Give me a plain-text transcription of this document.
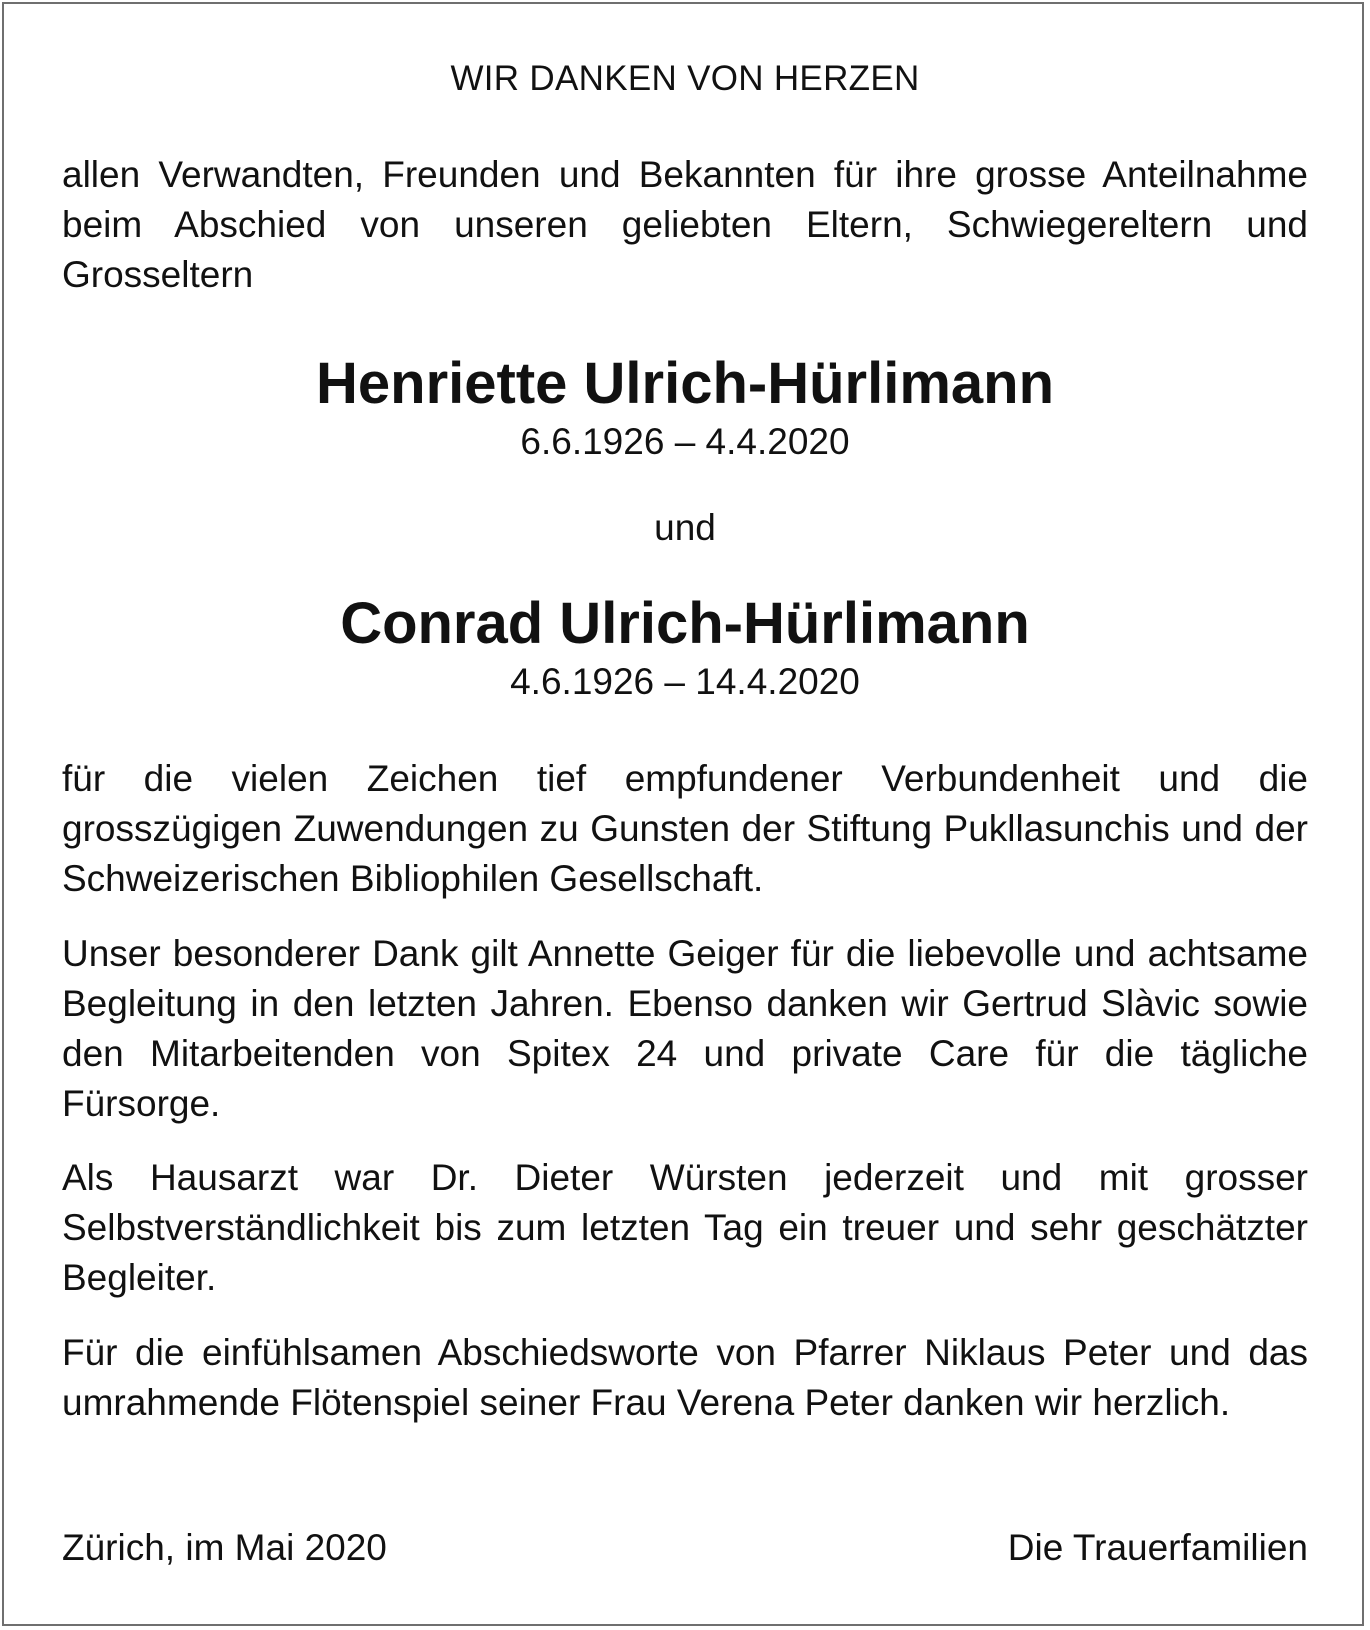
WIR DANKEN VON HERZEN

allen Verwandten, Freunden und Bekannten für ihre grosse Anteilnahme beim Abschied von unseren geliebten Eltern, Schwiegereltern und Grosseltern

Henriette Ulrich-Hürlimann
6.6.1926 – 4.4.2020
und
Conrad Ulrich-Hürlimann
4.6.1926 – 14.4.2020

für die vielen Zeichen tief empfundener Verbundenheit und die grosszügigen Zuwendungen zu Gunsten der Stiftung Pukllasunchis und der Schweizerischen Bibliophilen Gesellschaft.

Unser besonderer Dank gilt Annette Geiger für die liebevolle und achtsame Begleitung in den letzten Jahren. Ebenso danken wir Gertrud Slàvic sowie den Mitarbeitenden von Spitex 24 und private Care für die tägliche Fürsorge.

Als Hausarzt war Dr. Dieter Würsten jederzeit und mit grosser Selbstverständlichkeit bis zum letzten Tag ein treuer und sehr geschätzter Begleiter.

Für die einfühlsamen Abschiedsworte von Pfarrer Niklaus Peter und das umrahmende Flötenspiel seiner Frau Verena Peter danken wir herzlich.

Zürich, im Mai 2020	Die Trauerfamilien
